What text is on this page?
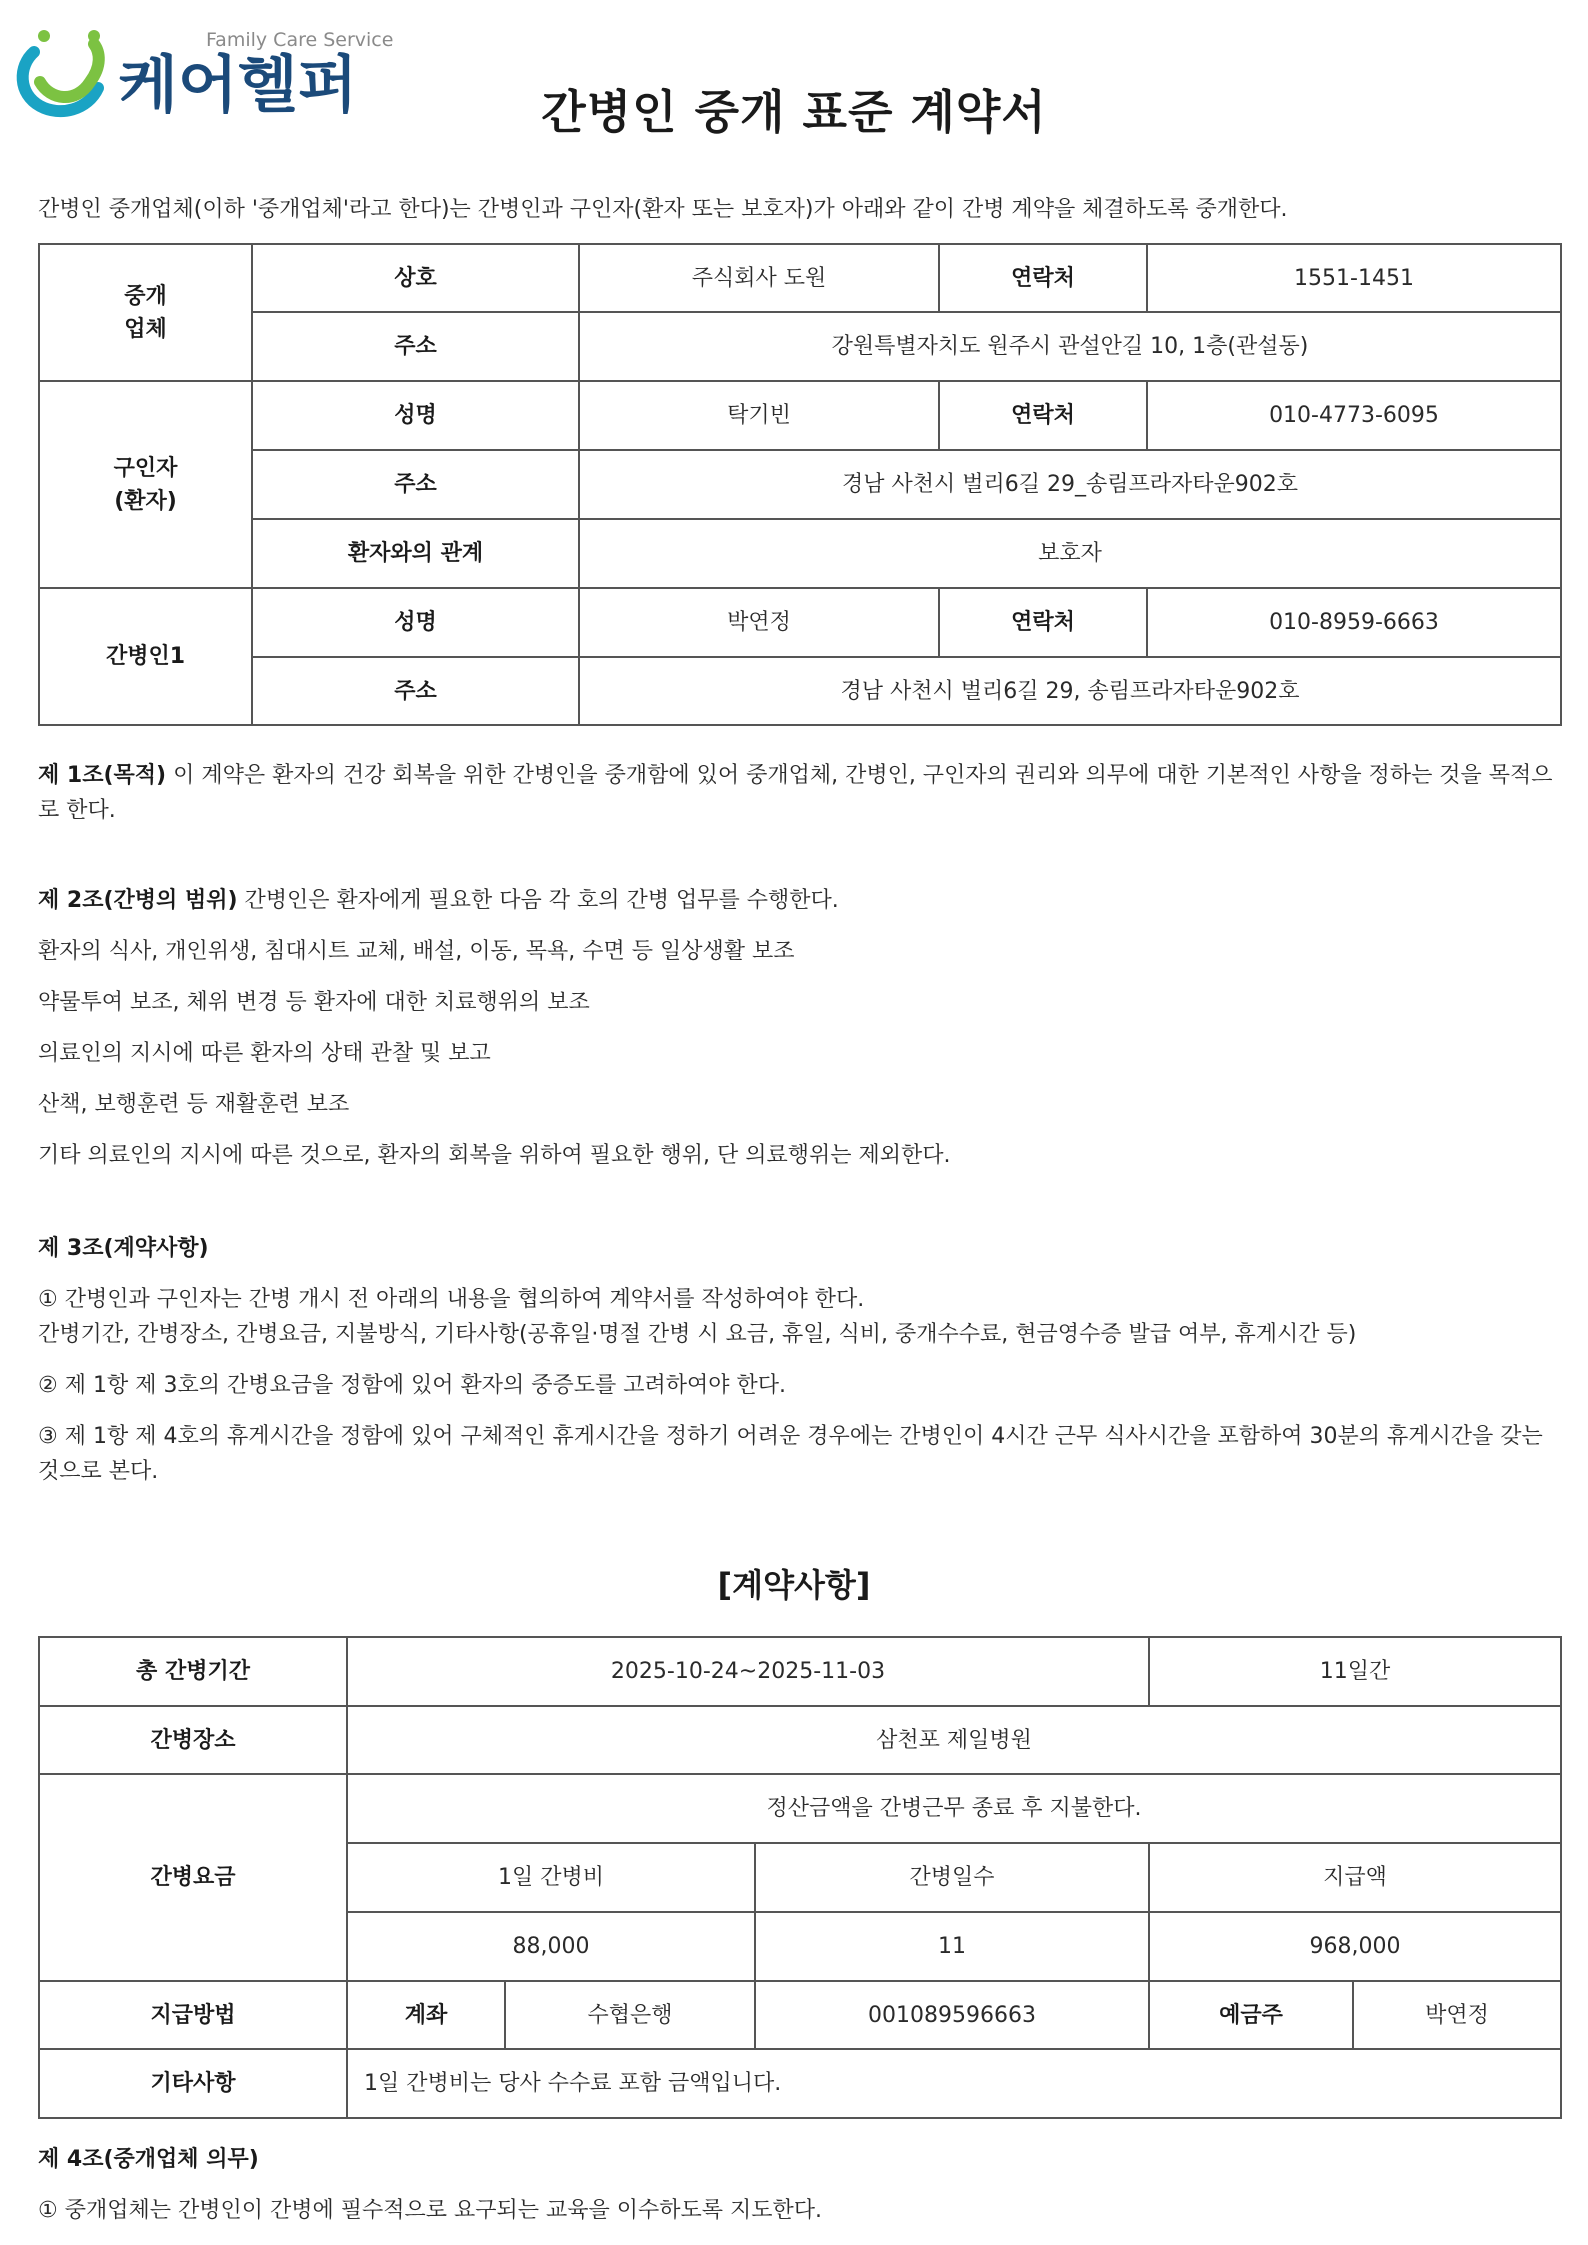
Family Care Service
케어헬퍼	간병인 중개 표준 계약서
간병인 중개업체(이하 '중개업체'라고 한다)는 간병인과 구인자(환자 또는 보호자)가 아래와 같이 간병 계약을 체결하도록 중개한다.
중개
업체	상호	주식회사 도원	연락처	1551-1451
	주소	강원특별자치도 원주시 관설안길 10, 1층(관설동)		
구인자
(환자)	성명	탁기빈	연락처	010-4773-6095
	주소	경남 사천시 벌리6길 29_송림프라자타운902호		
	환자와의 관계	보호자		
간병인1	성명	박연정	연락처	010-8959-6663
	주소	경남 사천시 벌리6길 29, 송림프라자타운902호		
제 1조(목적) 이 계약은 환자의 건강 회복을 위한 간병인을 중개함에 있어 중개업체, 간병인, 구인자의 권리와 의무에 대한 기본적인 사항을 정하는 것을 목적으로 한다.
제 2조(간병의 범위) 간병인은 환자에게 필요한 다음 각 호의 간병 업무를 수행한다.
환자의 식사, 개인위생, 침대시트 교체, 배설, 이동, 목욕, 수면 등 일상생활 보조
약물투여 보조, 체위 변경 등 환자에 대한 치료행위의 보조
의료인의 지시에 따른 환자의 상태 관찰 및 보고
산책, 보행훈련 등 재활훈련 보조
기타 의료인의 지시에 따른 것으로, 환자의 회복을 위하여 필요한 행위, 단 의료행위는 제외한다.
제 3조(계약사항)
① 간병인과 구인자는 간병 개시 전 아래의 내용을 협의하여 계약서를 작성하여야 한다.
간병기간, 간병장소, 간병요금, 지불방식, 기타사항(공휴일·명절 간병 시 요금, 휴일, 식비, 중개수수료, 현금영수증 발급 여부, 휴게시간 등)
② 제 1항 제 3호의 간병요금을 정함에 있어 환자의 중증도를 고려하여야 한다.
③ 제 1항 제 4호의 휴게시간을 정함에 있어 구체적인 휴게시간을 정하기 어려운 경우에는 간병인이 4시간 근무 식사시간을 포함하여 30분의 휴게시간을 갖는 것으로 본다.
[계약사항]
총 간병기간	2025-10-24~2025-11-03			11일간	
간병장소	삼천포 제일병원				
간병요금	정산금액을 간병근무 종료 후 지불한다.				
	1일 간병비		간병일수	지급액	
	88,000		11	968,000	
지급방법	계좌	수협은행	001089596663	예금주	박연정
기타사항	1일 간병비는 당사 수수료 포함 금액입니다.				
제 4조(중개업체 의무)
① 중개업체는 간병인이 간병에 필수적으로 요구되는 교육을 이수하도록 지도한다.
